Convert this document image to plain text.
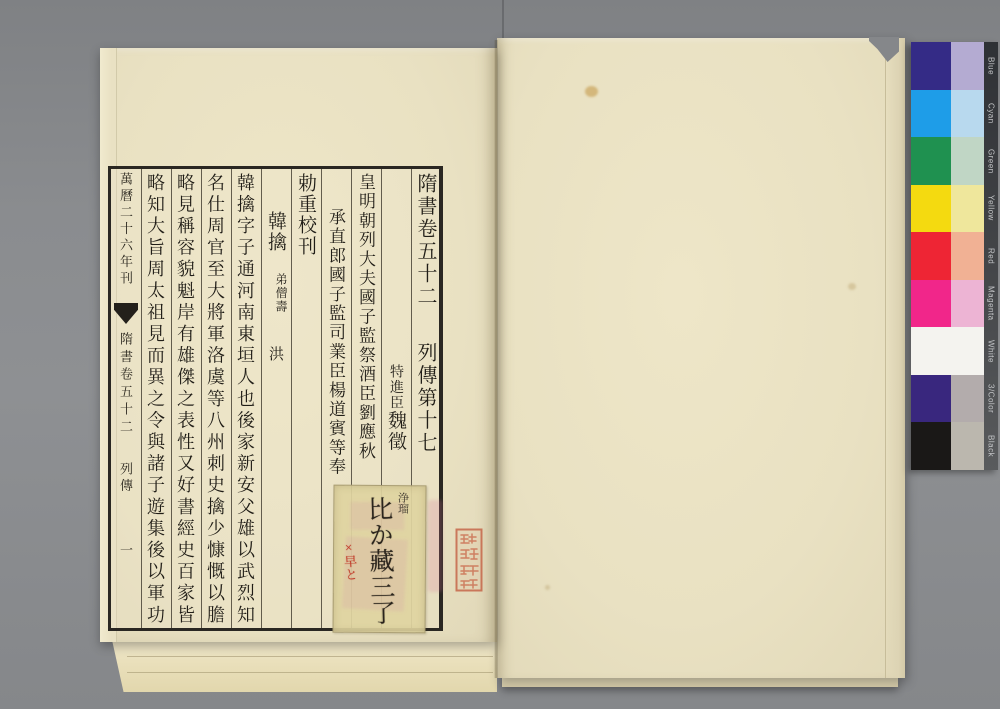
萬曆二十六年刊
隋書卷五十二
列傳
一
隋書卷五十二
列傳第十七
特進臣魏徵
皇明朝列大夫國子監祭酒臣劉應秋
承直郎國子監司業臣楊道賓等奉
勅重校刊
韓擒
弟僧壽
洪
韓擒字子通河南東垣人也後家新安父雄以武烈知
名仕周官至大將軍洛虞等八州刺史擒少慷慨以膽
略見稱容貌魁岸有雄傑之表性又好書經史百家皆
略知大旨周太祖見而異之令與諸子遊集後以軍功	比か藏三了 浄瑠
×早と
Blue
Cyan
Green
Yellow
Red
Magenta
White
3/Color
Black
